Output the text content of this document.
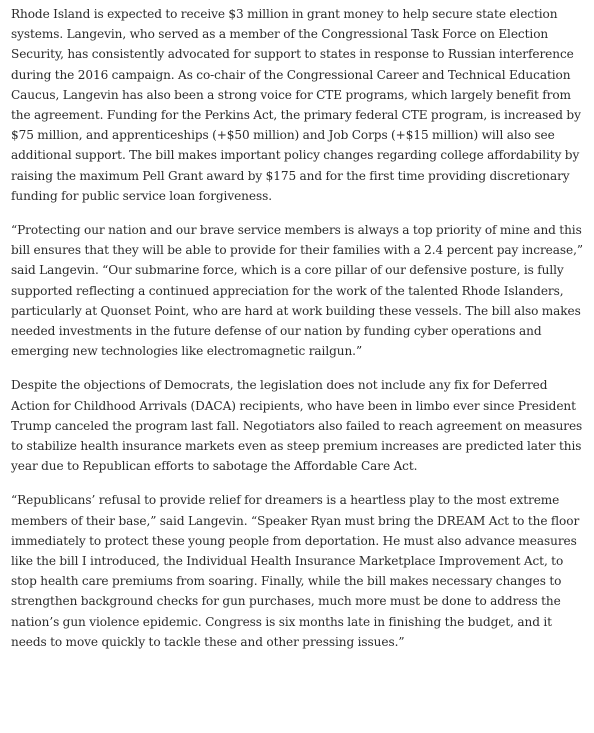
Rhode Island is expected to receive $3 million in grant money to help secure state election systems. Langevin, who served as a member of the Congressional Task Force on Election Security, has consistently advocated for support to states in response to Russian interference during the 2016 campaign. As co-chair of the Congressional Career and Technical Education Caucus, Langevin has also been a strong voice for CTE programs, which largely benefit from the agreement. Funding for the Perkins Act, the primary federal CTE program, is increased by $75 million, and apprenticeships (+$50 million) and Job Corps (+$15 million) will also see additional support. The bill makes important policy changes regarding college affordability by raising the maximum Pell Grant award by $175 and for the first time providing discretionary funding for public service loan forgiveness.

“Protecting our nation and our brave service members is always a top priority of mine and this bill ensures that they will be able to provide for their families with a 2.4 percent pay increase,” said Langevin. “Our submarine force, which is a core pillar of our defensive posture, is fully supported reflecting a continued appreciation for the work of the talented Rhode Islanders, particularly at Quonset Point, who are hard at work building these vessels. The bill also makes needed investments in the future defense of our nation by funding cyber operations and emerging new technologies like electromagnetic railgun.”

Despite the objections of Democrats, the legislation does not include any fix for Deferred Action for Childhood Arrivals (DACA) recipients, who have been in limbo ever since President Trump canceled the program last fall. Negotiators also failed to reach agreement on measures to stabilize health insurance markets even as steep premium increases are predicted later this year due to Republican efforts to sabotage the Affordable Care Act.

“Republicans’ refusal to provide relief for dreamers is a heartless play to the most extreme members of their base,” said Langevin. “Speaker Ryan must bring the DREAM Act to the floor immediately to protect these young people from deportation. He must also advance measures like the bill I introduced, the Individual Health Insurance Marketplace Improvement Act, to stop health care premiums from soaring. Finally, while the bill makes necessary changes to strengthen background checks for gun purchases, much more must be done to address the nation’s gun violence epidemic. Congress is six months late in finishing the budget, and it needs to move quickly to tackle these and other pressing issues.”
